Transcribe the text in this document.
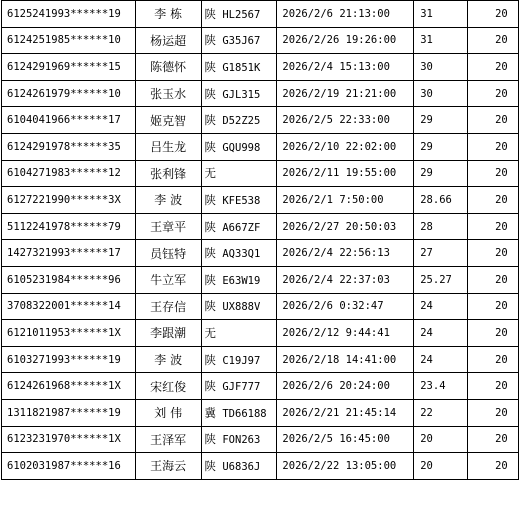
6125241993******19	李 栋	陕 HL2567	2026/2/6 21:13:00	31	20
6124251985******10	杨运超	陕 G35J67	2026/2/26 19:26:00	31	20
6124291969******15	陈德怀	陕 G1851K	2026/2/4 15:13:00	30	20
6124261979******10	张玉水	陕 GJL315	2026/2/19 21:21:00	30	20
6104041966******17	姬克智	陕 D52Z25	2026/2/5 22:33:00	29	20
6124291978******35	吕生龙	陕 GQU998	2026/2/10 22:02:00	29	20
6104271983******12	张利锋	无	2026/2/11 19:55:00	29	20
6127221990******3X	李 波	陕 KFE538	2026/2/1 7:50:00	28.66	20
5112241978******79	王章平	陕 A667ZF	2026/2/27 20:50:03	28	20
1427321993******17	员钰特	陕 AQ33Q1	2026/2/4 22:56:13	27	20
6105231984******96	牛立军	陕 E63W19	2026/2/4 22:37:03	25.27	20
3708322001******14	王存信	陕 UX888V	2026/2/6 0:32:47	24	20
6121011953******1X	李跟潮	无	2026/2/12 9:44:41	24	20
6103271993******19	李 波	陕 C19J97	2026/2/18 14:41:00	24	20
6124261968******1X	宋红俊	陕 GJF777	2026/2/6 20:24:00	23.4	20
1311821987******19	刘 伟	冀 TD66188	2026/2/21 21:45:14	22	20
6123231970******1X	王泽军	陕 FON263	2026/2/5 16:45:00	20	20
6102031987******16	王海云	陕 U6836J	2026/2/22 13:05:00	20	20
